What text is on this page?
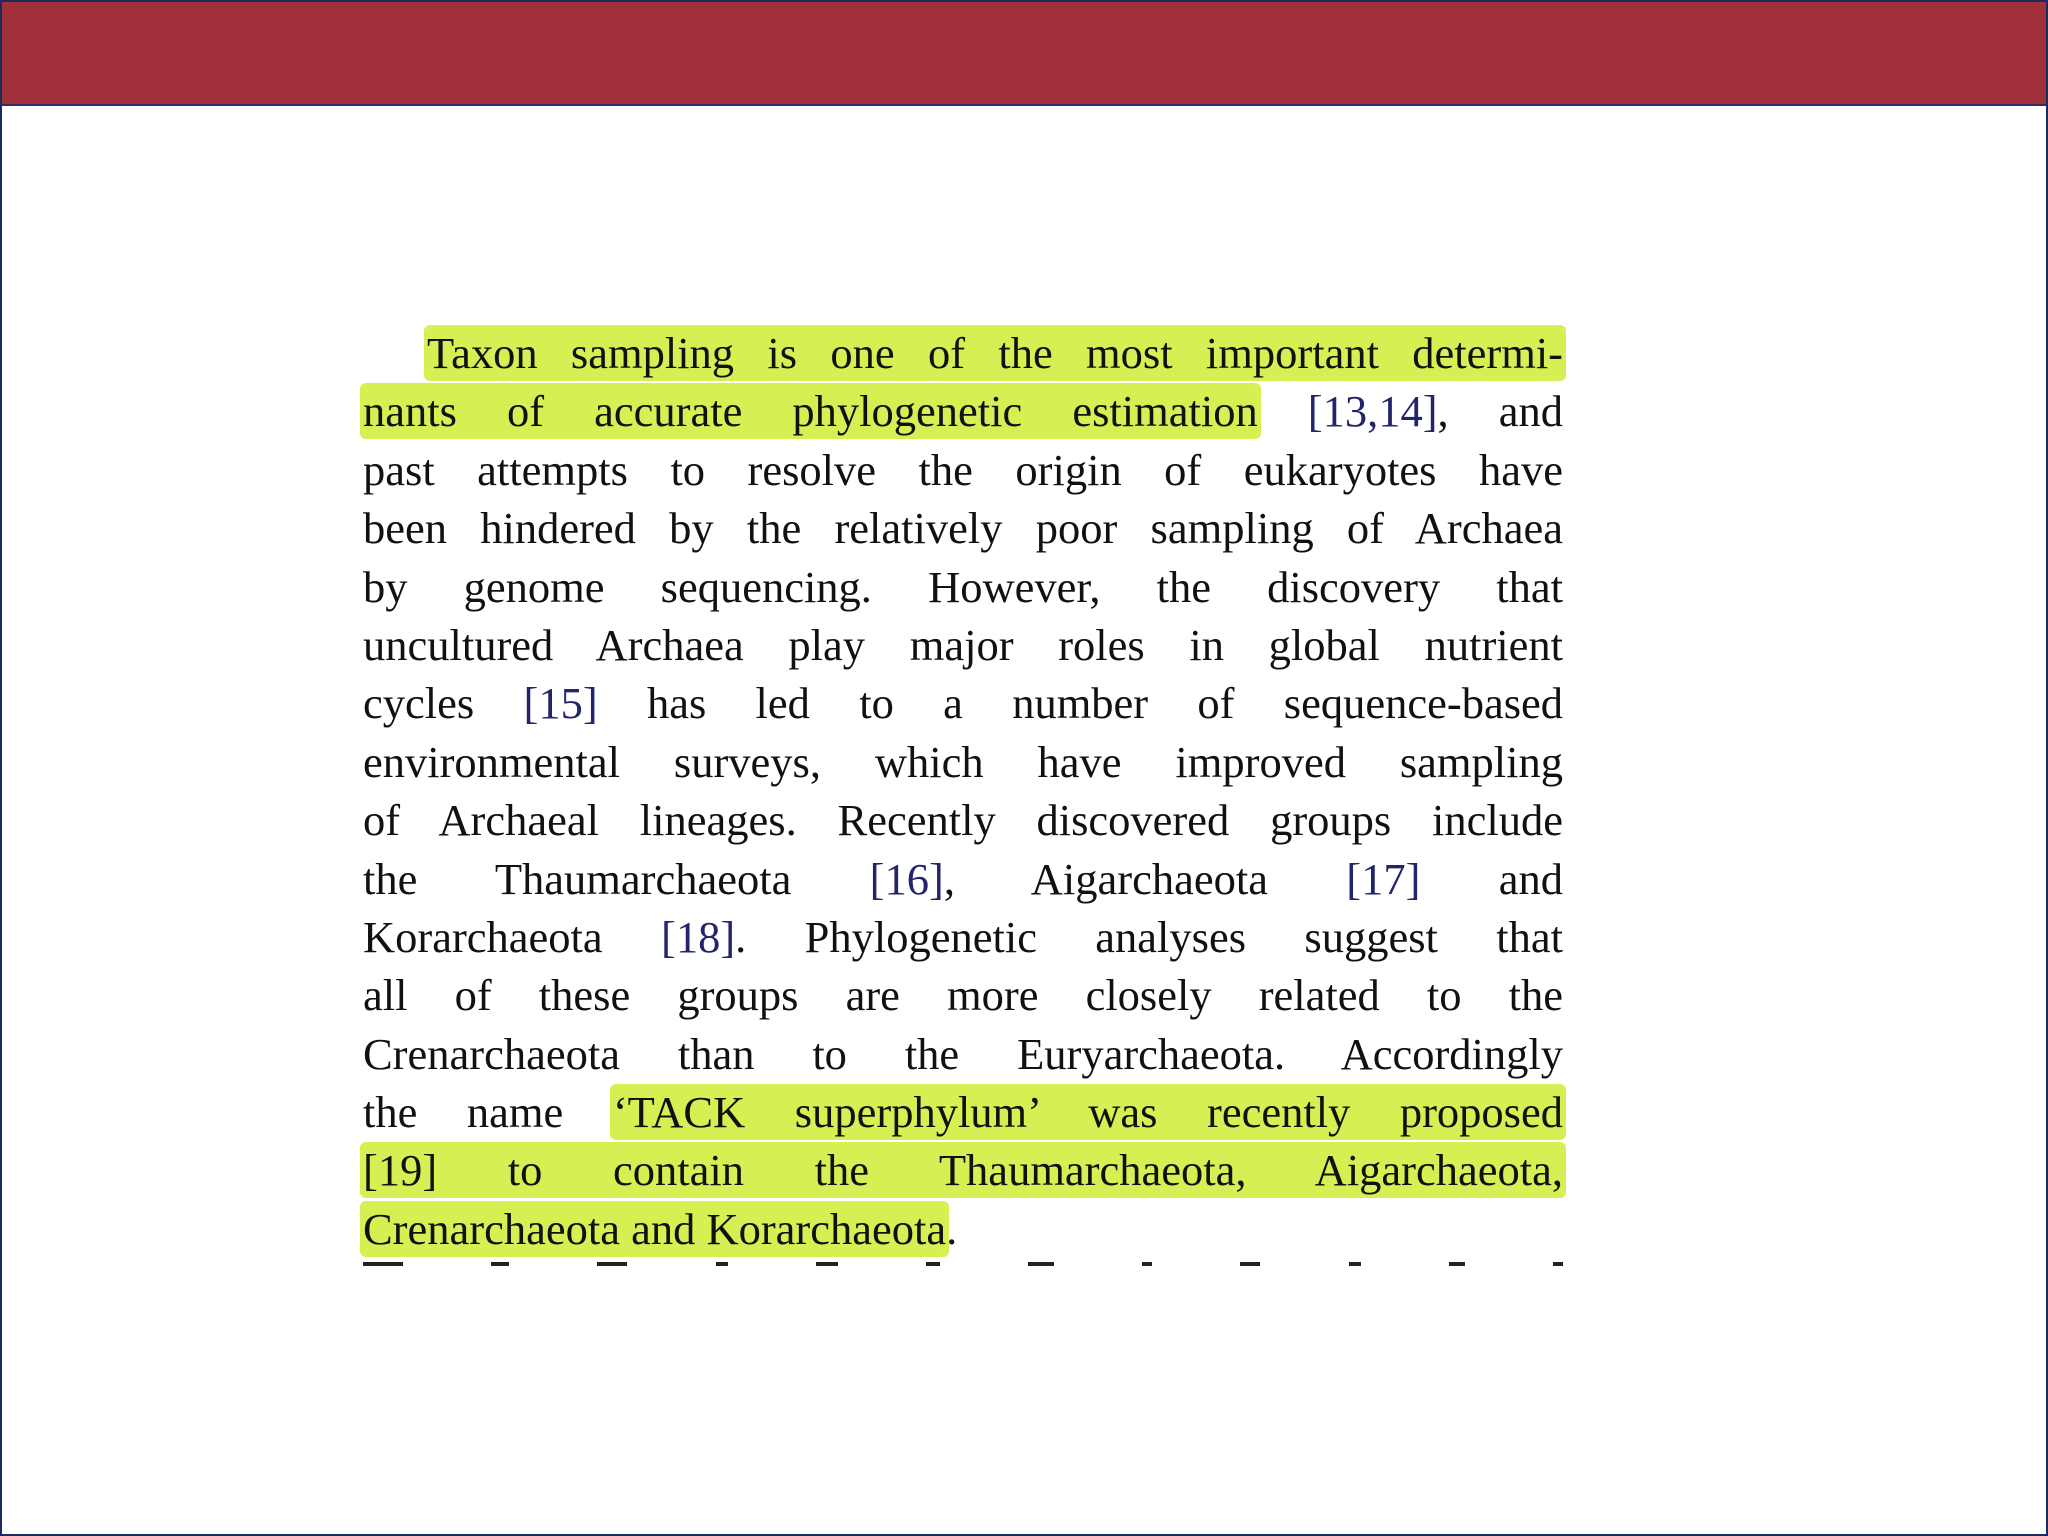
Taxon sampling is one of the most important determi-
nants of accurate phylogenetic estimation [13,14], and
past attempts to resolve the origin of eukaryotes have
been hindered by the relatively poor sampling of Archaea
by genome sequencing. However, the discovery that
uncultured Archaea play major roles in global nutrient
cycles [15] has led to a number of sequence-based
environmental surveys, which have improved sampling
of Archaeal lineages. Recently discovered groups include
the Thaumarchaeota [16], Aigarchaeota [17] and
Korarchaeota [18]. Phylogenetic analyses suggest that
all of these groups are more closely related to the
Crenarchaeota than to the Euryarchaeota. Accordingly
the name ‘TACK superphylum’ was recently proposed
[19] to contain the Thaumarchaeota, Aigarchaeota,
Crenarchaeota and Korarchaeota.
